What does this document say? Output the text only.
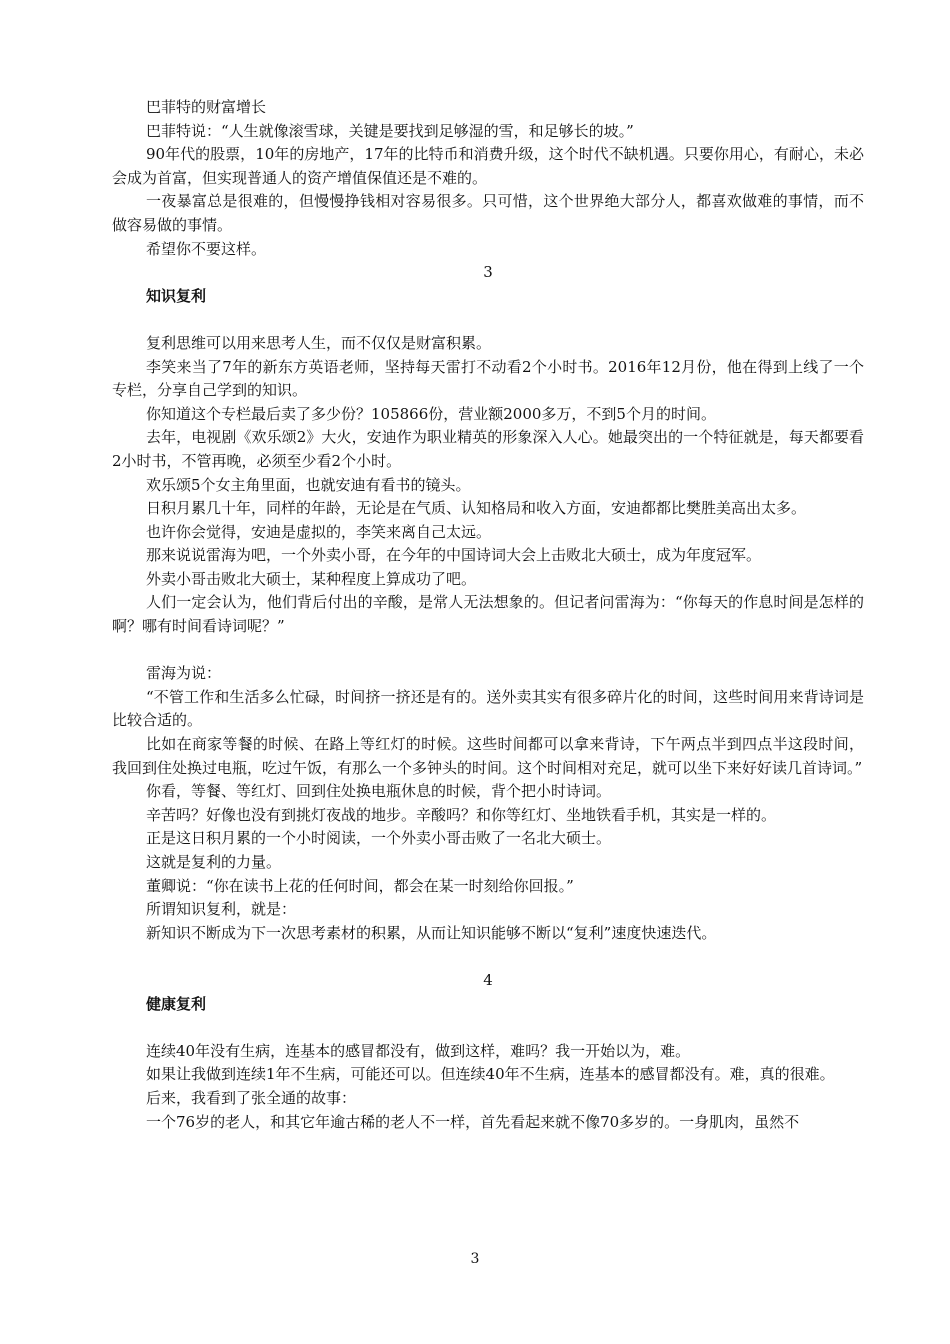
巴菲特的财富增长

巴菲特说：“人生就像滚雪球，关键是要找到足够湿的雪，和足够长的坡。”

90年代的股票，10年的房地产，17年的比特币和消费升级，这个时代不缺机遇。只要你用心，有耐心，未必会成为首富，但实现普通人的资产增值保值还是不难的。

一夜暴富总是很难的，但慢慢挣钱相对容易很多。只可惜，这个世界绝大部分人，都喜欢做难的事情，而不做容易做的事情。

希望你不要这样。

3

知识复利

复利思维可以用来思考人生，而不仅仅是财富积累。

李笑来当了7年的新东方英语老师，坚持每天雷打不动看2个小时书。2016年12月份，他在得到上线了一个专栏，分享自己学到的知识。

你知道这个专栏最后卖了多少份？105866份，营业额2000多万，不到5个月的时间。

去年，电视剧《欢乐颂2》大火，安迪作为职业精英的形象深入人心。她最突出的一个特征就是，每天都要看2小时书，不管再晚，必须至少看2个小时。

欢乐颂5个女主角里面，也就安迪有看书的镜头。

日积月累几十年，同样的年龄，无论是在气质、认知格局和收入方面，安迪都都比樊胜美高出太多。

也许你会觉得，安迪是虚拟的，李笑来离自己太远。

那来说说雷海为吧，一个外卖小哥，在今年的中国诗词大会上击败北大硕士，成为年度冠军。

外卖小哥击败北大硕士，某种程度上算成功了吧。

人们一定会认为，他们背后付出的辛酸，是常人无法想象的。但记者问雷海为：“你每天的作息时间是怎样的啊？哪有时间看诗词呢？”

雷海为说：

“不管工作和生活多么忙碌，时间挤一挤还是有的。送外卖其实有很多碎片化的时间，这些时间用来背诗词是比较合适的。

比如在商家等餐的时候、在路上等红灯的时候。这些时间都可以拿来背诗，下午两点半到四点半这段时间，我回到住处换过电瓶，吃过午饭，有那么一个多钟头的时间。这个时间相对充足，就可以坐下来好好读几首诗词。”

你看，等餐、等红灯、回到住处换电瓶休息的时候，背个把小时诗词。

辛苦吗？好像也没有到挑灯夜战的地步。辛酸吗？和你等红灯、坐地铁看手机，其实是一样的。

正是这日积月累的一个小时阅读，一个外卖小哥击败了一名北大硕士。

这就是复利的力量。

董卿说：“你在读书上花的任何时间，都会在某一时刻给你回报。”

所谓知识复利，就是：

新知识不断成为下一次思考素材的积累，从而让知识能够不断以“复利”速度快速迭代。

4

健康复利

连续40年没有生病，连基本的感冒都没有，做到这样，难吗？我一开始以为，难。

如果让我做到连续1年不生病，可能还可以。但连续40年不生病，连基本的感冒都没有。难，真的很难。

后来，我看到了张全通的故事：

一个76岁的老人，和其它年逾古稀的老人不一样，首先看起来就不像70多岁的。一身肌肉，虽然不

3
